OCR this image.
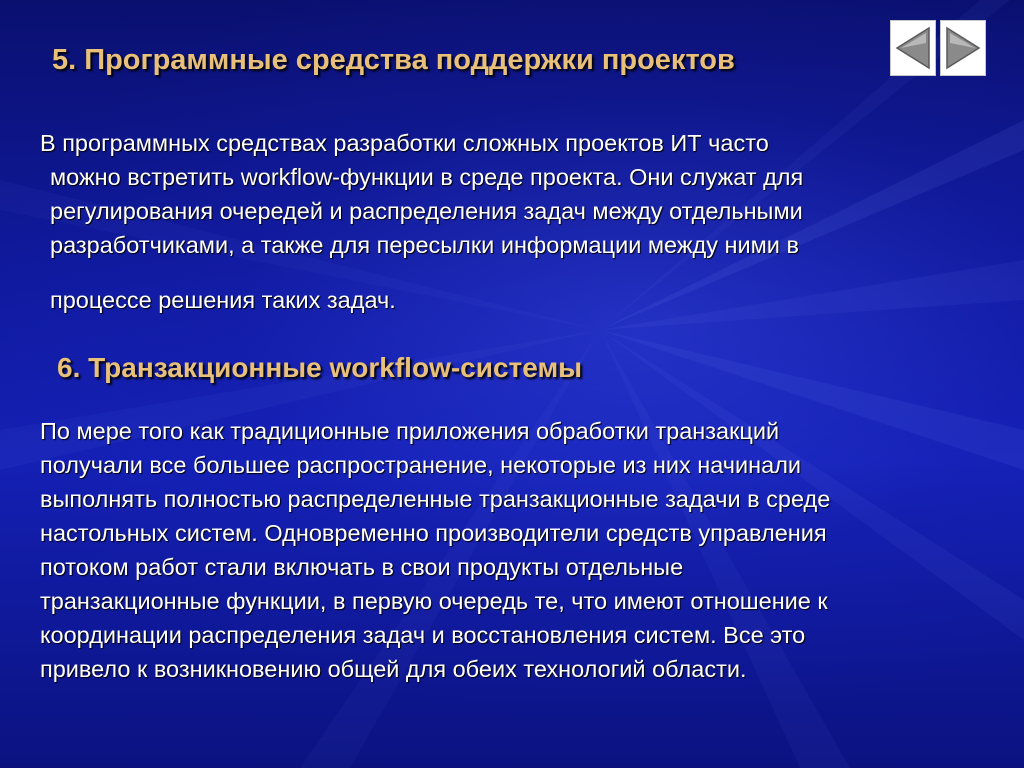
5. Программные средства поддержки проектов
В программных средствах разработки сложных проектов ИТ часто
можно встретить workflow-функции в среде проекта. Они служат для
регулирования очередей и распределения задач между отдельными
разработчиками, а также для пересылки информации между ними в
процессе решения таких задач.
6. Транзакционные workflow-системы
По мере того как традиционные приложения обработки транзакций
получали все большее распространение, некоторые из них начинали
выполнять полностью распределенные транзакционные задачи в среде
настольных систем. Одновременно производители средств управления
потоком работ стали включать в свои продукты отдельные
транзакционные функции, в первую очередь те, что имеют отношение к
координации распределения задач и восстановления систем. Все это
привело к возникновению общей для обеих технологий области.
